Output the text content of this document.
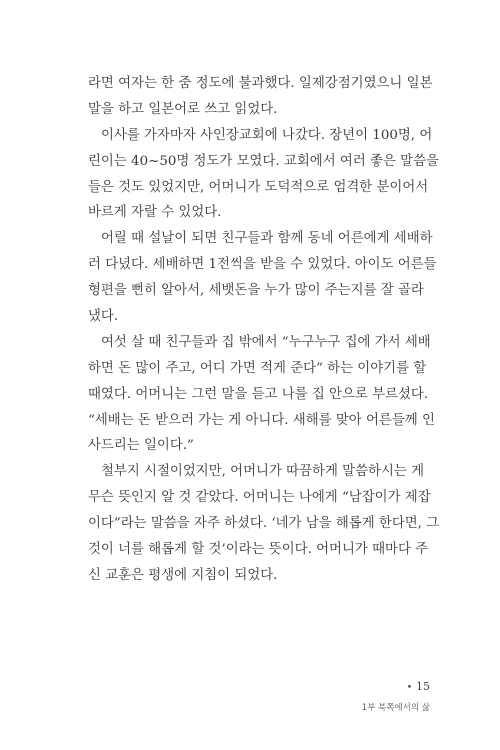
라면 여자는 한 줌 정도에 불과했다. 일제강점기였으니 일본
말을 하고 일본어로 쓰고 읽었다.
이사를 가자마자 사인장교회에 나갔다. 장년이 100명, 어
린이는 40~50명 정도가 모였다. 교회에서 여러 좋은 말씀을
들은 것도 있었지만, 어머니가 도덕적으로 엄격한 분이어서
바르게 자랄 수 있었다.
어릴 때 설날이 되면 친구들과 함께 동네 어른에게 세배하
러 다녔다. 세배하면 1전씩을 받을 수 있었다. 아이도 어른들
형편을 뻔히 알아서, 세뱃돈을 누가 많이 주는지를 잘 골라
냈다.
여섯 살 때 친구들과 집 밖에서 “누구누구 집에 가서 세배
하면 돈 많이 주고, 어디 가면 적게 준다” 하는 이야기를 할
때였다. 어머니는 그런 말을 듣고 나를 집 안으로 부르셨다.
“세배는 돈 받으러 가는 게 아니다. 새해를 맞아 어른들께 인
사드리는 일이다.”
철부지 시절이었지만, 어머니가 따끔하게 말씀하시는 게
무슨 뜻인지 알 것 같았다. 어머니는 나에게 “남잡이가 제잡
이다”라는 말씀을 자주 하셨다. ‘네가 남을 해롭게 한다면, 그
것이 너를 해롭게 할 것’이라는 뜻이다. 어머니가 때마다 주
신 교훈은 평생에 지침이 되었다.
• 15
1부 북쪽에서의 삶
